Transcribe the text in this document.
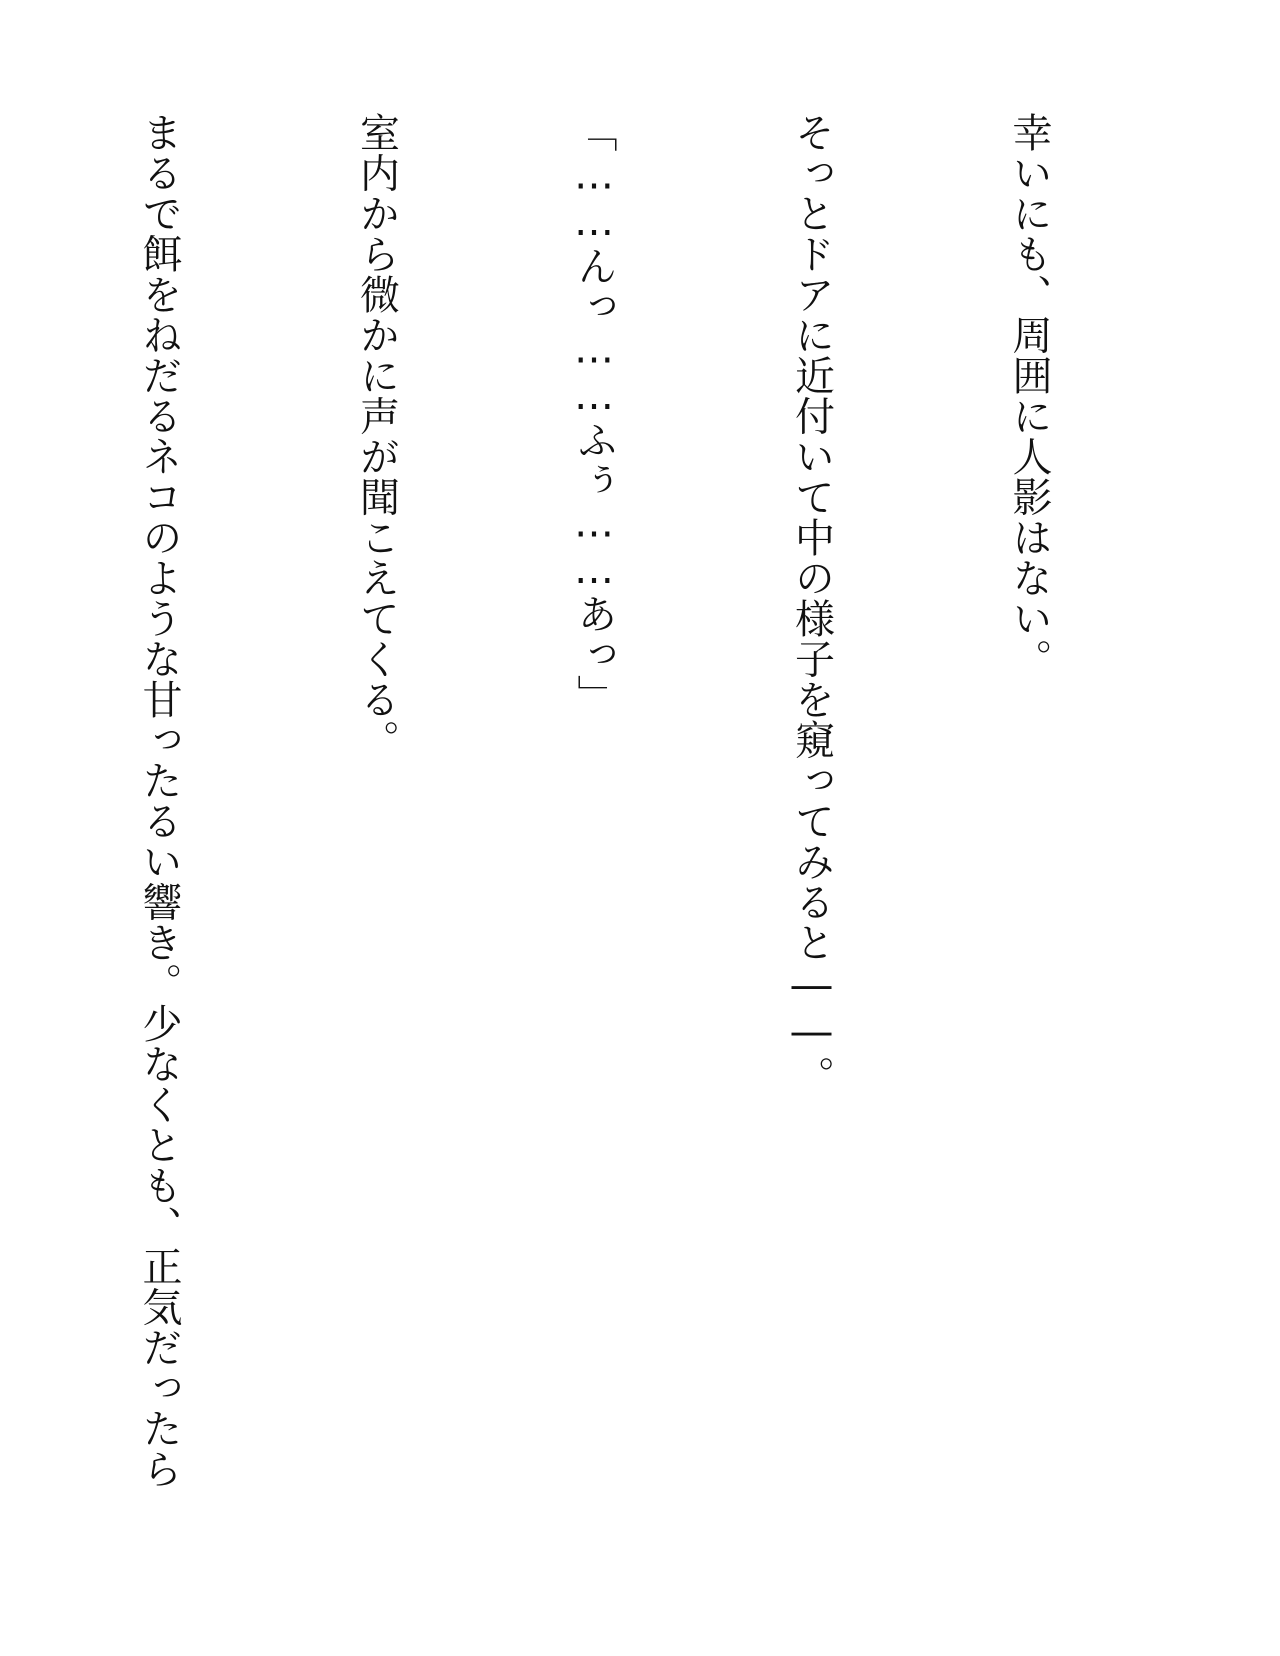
幸いにも、周囲に人影はない。

そっとドアに近付いて中の様子を窺ってみると――。

「……んっ……ふぅ……あっ」

室内から微かに声が聞こえてくる。

まるで餌をねだるネコのような甘ったるい響き。少なくとも、正気だったら
